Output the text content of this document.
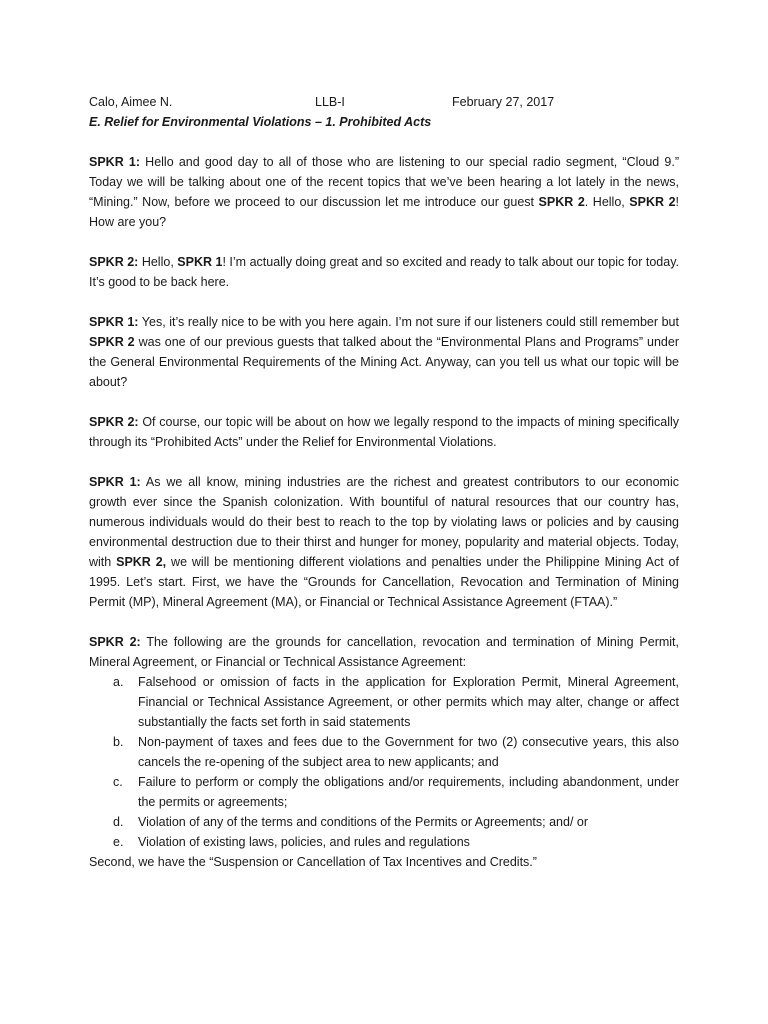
Calo, Aimee N.	LLB-I	February 27, 2017

E. Relief for Environmental Violations – 1. Prohibited Acts

SPKR 1: Hello and good day to all of those who are listening to our special radio segment, “Cloud 9.” Today we will be talking about one of the recent topics that we’ve been hearing a lot lately in the news, “Mining.” Now, before we proceed to our discussion let me introduce our guest SPKR 2. Hello, SPKR 2! How are you?

SPKR 2: Hello, SPKR 1! I’m actually doing great and so excited and ready to talk about our topic for today. It’s good to be back here.

SPKR 1: Yes, it’s really nice to be with you here again. I’m not sure if our listeners could still remember but SPKR 2 was one of our previous guests that talked about the “Environmental Plans and Programs” under the General Environmental Requirements of the Mining Act. Anyway, can you tell us what our topic will be about?

SPKR 2: Of course, our topic will be about on how we legally respond to the impacts of mining specifically through its “Prohibited Acts” under the Relief for Environmental Violations.

SPKR 1: As we all know, mining industries are the richest and greatest contributors to our economic growth ever since the Spanish colonization. With bountiful of natural resources that our country has, numerous individuals would do their best to reach to the top by violating laws or policies and by causing environmental destruction due to their thirst and hunger for money, popularity and material objects. Today, with SPKR 2, we will be mentioning different violations and penalties under the Philippine Mining Act of 1995. Let’s start. First, we have the “Grounds for Cancellation, Revocation and Termination of Mining Permit (MP), Mineral Agreement (MA), or Financial or Technical Assistance Agreement (FTAA).”

SPKR 2: The following are the grounds for cancellation, revocation and termination of Mining Permit, Mineral Agreement, or Financial or Technical Assistance Agreement:

a. Falsehood or omission of facts in the application for Exploration Permit, Mineral Agreement, Financial or Technical Assistance Agreement, or other permits which may alter, change or affect substantially the facts set forth in said statements
b. Non-payment of taxes and fees due to the Government for two (2) consecutive years, this also cancels the re-opening of the subject area to new applicants; and
c. Failure to perform or comply the obligations and/or requirements, including abandonment, under the permits or agreements;
d. Violation of any of the terms and conditions of the Permits or Agreements; and/ or
e. Violation of existing laws, policies, and rules and regulations

Second, we have the “Suspension or Cancellation of Tax Incentives and Credits.”
